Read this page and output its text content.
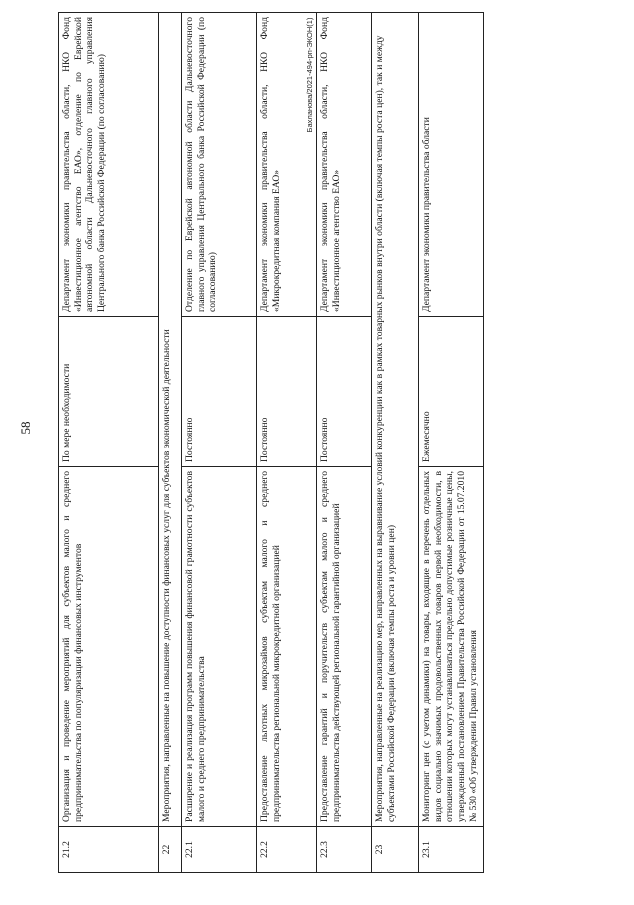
58
Бахланова/2021-494-рп-ЭКОН(1)
21.2	Организация и проведение мероприятий для субъектов малого и среднего предпринимательства по популяризации финансовых инструментов	По мере необходимости	Департамент экономики правительства области, НКО Фонд «Инвестиционное агентство ЕАО», отделение по Еврейской автономной области Дальневосточного главного управления Центрального банка Российской Федерации (по согласованию)
22	Мероприятия, направленные на повышение доступности финансовых услуг для субъектов экономической деятельности		
22.1	Расширение и реализация программ повышения финансовой грамотности субъектов малого и среднего предпринимательства	Постоянно	Отделение по Еврейской автономной области Дальневосточного главного управления Центрального банка Российской Федерации (по согласованию)
22.2	Предоставление льготных микрозаймов субъектам малого и среднего предпринимательства региональной микрокредитной организацией	Постоянно	Департамент экономики правительства области, НКО Фонд «Микрокредитная компания ЕАО»
22.3	Предоставление гарантий и поручительств субъектам малого и среднего предпринимательства действующей региональной гарантийной организацией	Постоянно	Департамент экономики правительства области, НКО Фонд «Инвестиционное агентство ЕАО»
23	Мероприятия, направленные на реализацию мер, направленных на выравнивание условий конкуренции как в рамках товарных рынков внутри области (включая темпы роста цен), так и между субъектами Российской Федерации (включая темпы роста и уровни цен)		
23.1	Мониторинг цен (с учетом динамики) на товары, входящие в перечень отдельных видов социально значимых продовольственных товаров первой необходимости, в отношении которых могут устанавливаться предельно допустимые розничные цены, утвержденный постановлением Правительства Российской Федерации от 15.07.2010 № 530 «Об утверждении Правил установления	Ежемесячно	Департамент экономики правительства области
